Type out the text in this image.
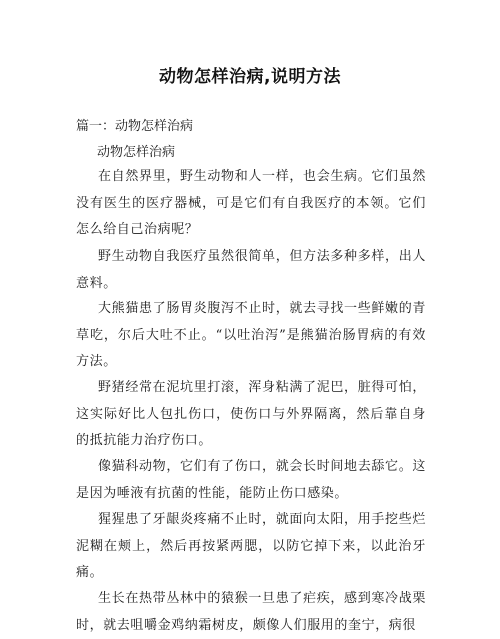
动物怎样治病,说明方法
篇一：动物怎样治病
动物怎样治病

在自然界里，野生动物和人一样，也会生病。它们虽然没有医生的医疗器械，可是它们有自我医疗的本领。它们怎么给自己治病呢？

野生动物自我医疗虽然很简单，但方法多种多样，出人意料。

大熊猫患了肠胃炎腹泻不止时，就去寻找一些鲜嫩的青草吃，尔后大吐不止。“以吐治泻”是熊猫治肠胃病的有效方法。

野猪经常在泥坑里打滚，浑身粘满了泥巴，脏得可怕，这实际好比人包扎伤口，使伤口与外界隔离，然后靠自身的抵抗能力治疗伤口。

像猫科动物，它们有了伤口，就会长时间地去舔它。这是因为唾液有抗菌的性能，能防止伤口感染。

猩猩患了牙龈炎疼痛不止时，就面向太阳，用手挖些烂泥糊在颊上，然后再按紧两腮，以防它掉下来，以此治牙痛。

生长在热带丛林中的猿猴一旦患了疟疾，感到寒冷战栗时，就去咀嚼金鸡纳霜树皮，颇像人们服用的奎宁，病很
